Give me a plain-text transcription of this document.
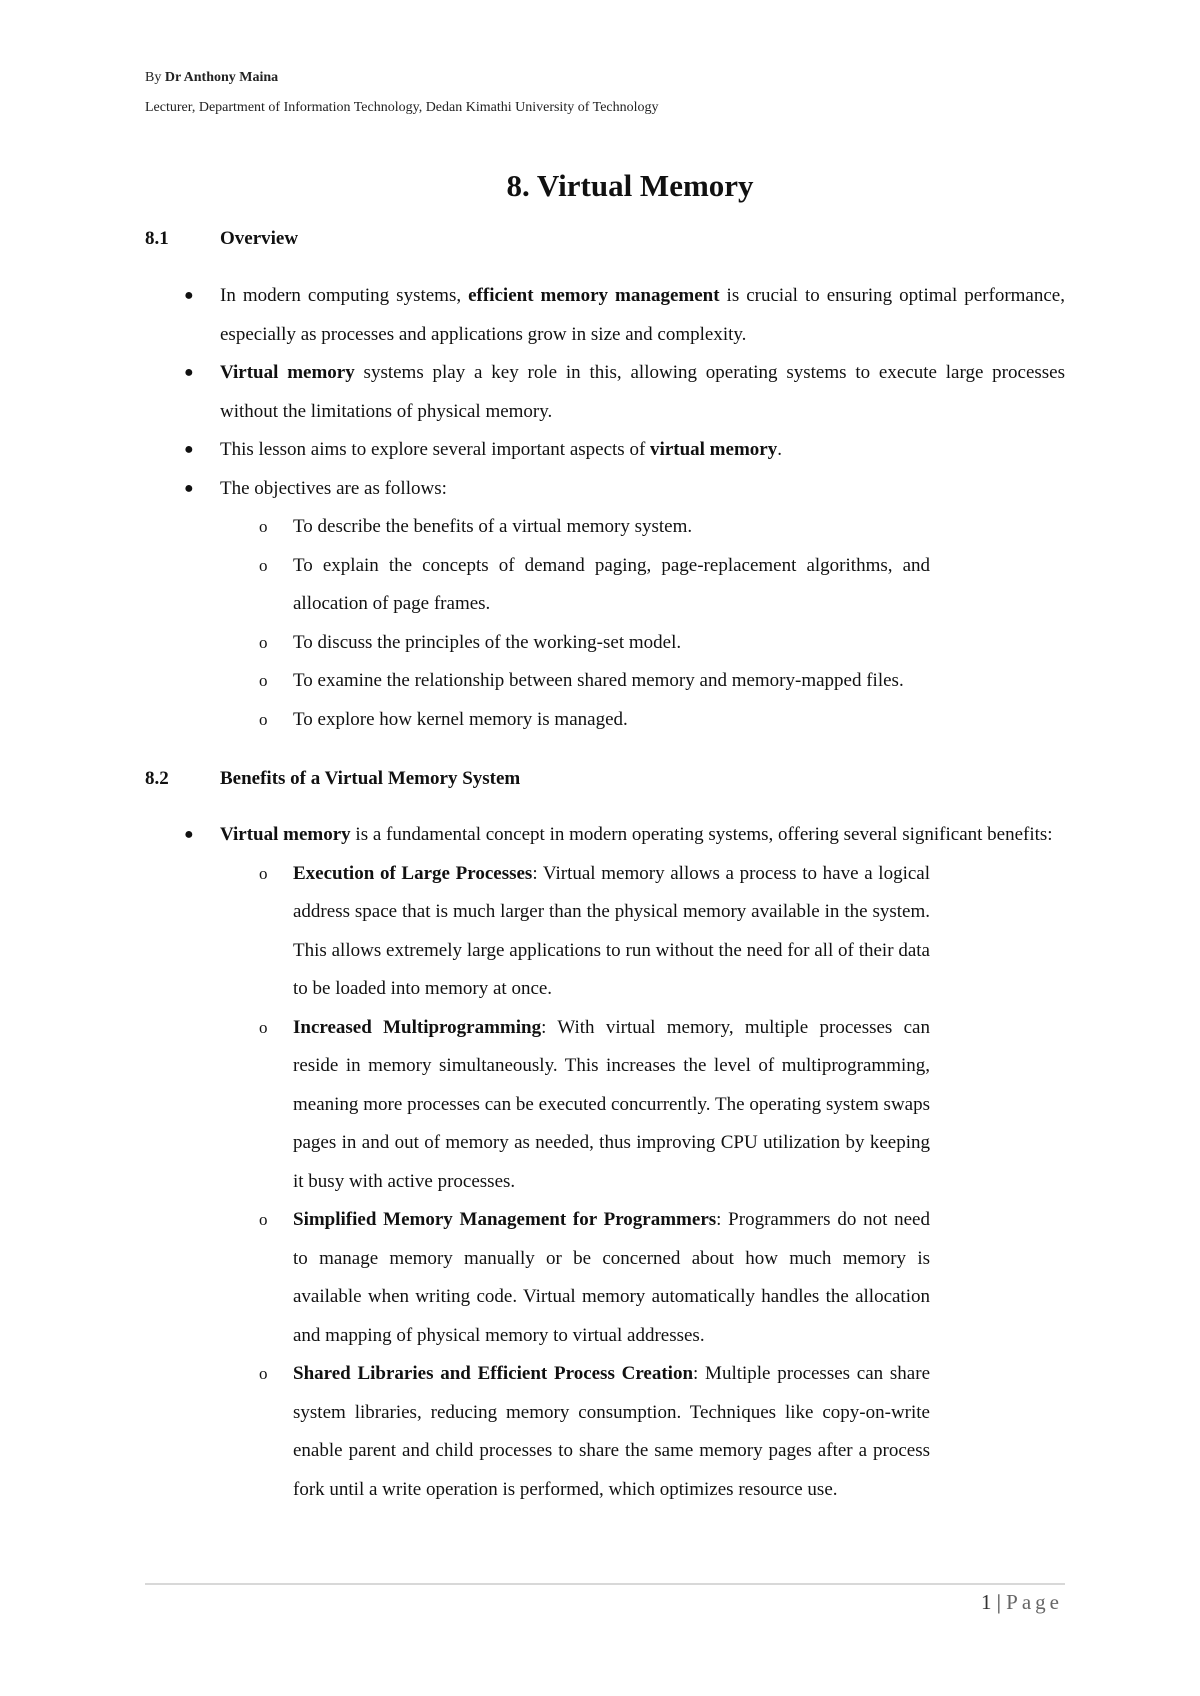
By Dr Anthony Maina
Lecturer, Department of Information Technology, Dedan Kimathi University of Technology
8. Virtual Memory
8.1	Overview
● In modern computing systems, efficient memory management is crucial to ensuring optimal performance, especially as processes and applications grow in size and complexity.
● Virtual memory systems play a key role in this, allowing operating systems to execute large processes without the limitations of physical memory.
● This lesson aims to explore several important aspects of virtual memory.
● The objectives are as follows:
o To describe the benefits of a virtual memory system.
o To explain the concepts of demand paging, page-replacement algorithms, and allocation of page frames.
o To discuss the principles of the working-set model.
o To examine the relationship between shared memory and memory-mapped files.
o To explore how kernel memory is managed.
8.2	Benefits of a Virtual Memory System
● Virtual memory is a fundamental concept in modern operating systems, offering several significant benefits:
o Execution of Large Processes: Virtual memory allows a process to have a logical address space that is much larger than the physical memory available in the system. This allows extremely large applications to run without the need for all of their data to be loaded into memory at once.
o Increased Multiprogramming: With virtual memory, multiple processes can reside in memory simultaneously. This increases the level of multiprogramming, meaning more processes can be executed concurrently. The operating system swaps pages in and out of memory as needed, thus improving CPU utilization by keeping it busy with active processes.
o Simplified Memory Management for Programmers: Programmers do not need to manage memory manually or be concerned about how much memory is available when writing code. Virtual memory automatically handles the allocation and mapping of physical memory to virtual addresses.
o Shared Libraries and Efficient Process Creation: Multiple processes can share system libraries, reducing memory consumption. Techniques like copy-on-write enable parent and child processes to share the same memory pages after a process fork until a write operation is performed, which optimizes resource use.
1 | Page
